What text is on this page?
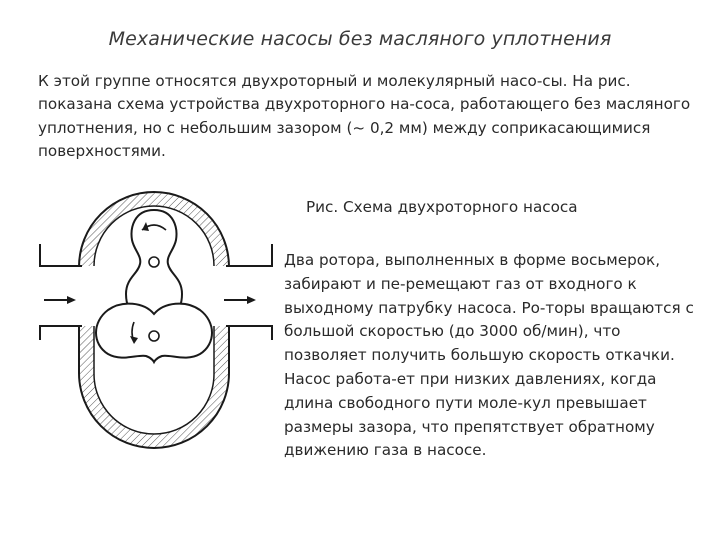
Механические насосы без масляного уплотнения
К этой группе относятся двухроторный и молекулярный насо-сы. На рис. показана схема устройства двухроторного на-соса, работающего без масляного уплотнения, но с небольшим зазором (~ 0,2 мм) между соприкасающимися поверхностями.
Рис. Схема двухроторного насоса
Два ротора, выполненных в форме восьмерок, забирают и пе-ремещают газ от входного к выходному патрубку насоса. Ро-торы вращаются с большой скоростью (до 3000 об/мин), что позволяет получить большую скорость откачки. Насос работа-ет при низких давлениях, когда длина свободного пути моле-кул превышает размеры зазора, что препятствует обратному движению газа в насосе.
